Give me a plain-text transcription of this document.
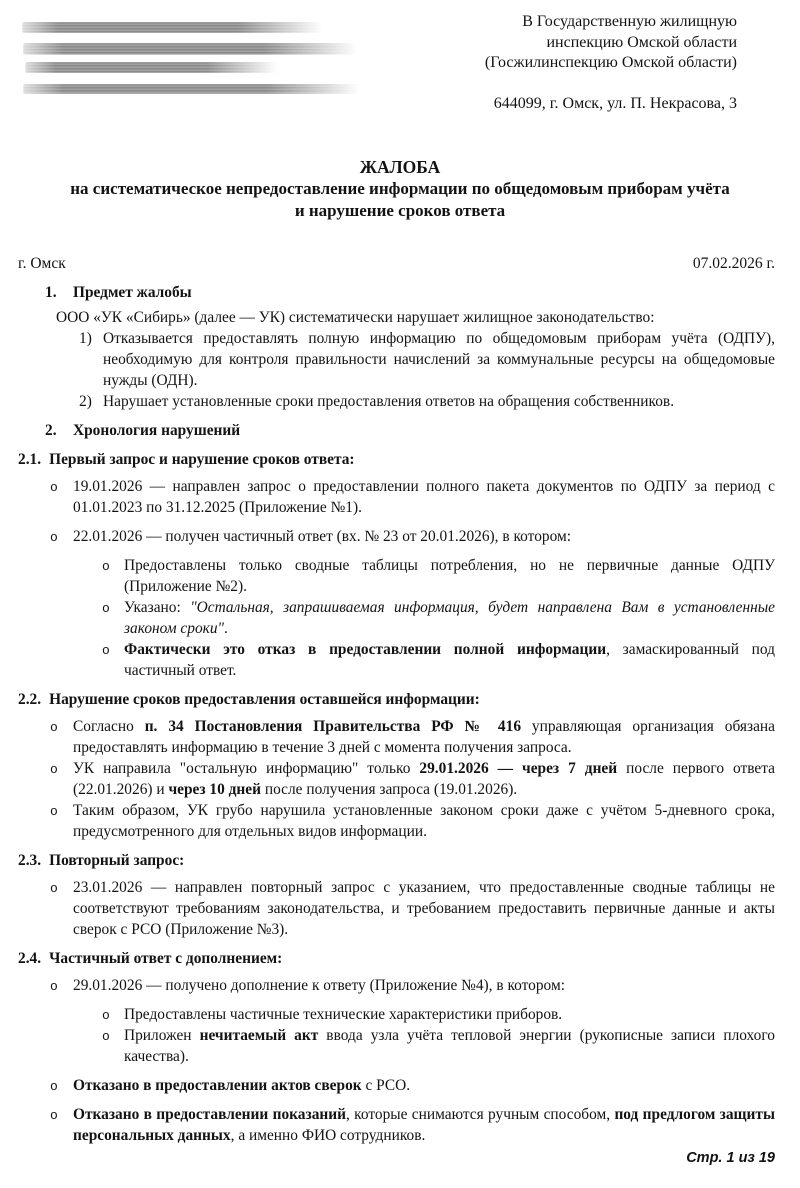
В Государственную жилищную
инспекцию Омской области
(Госжилинспекцию Омской области)
644099, г. Омск, ул. П. Некрасова, 3
ЖАЛОБА
на систематическое непредоставление информации по общедомовым приборам учёта
и нарушение сроков ответа
г. Омск	07.02.2026 г.
1. Предмет жалобы
ООО «УК «Сибирь» (далее — УК) систематически нарушает жилищное законодательство:
1) Отказывается предоставлять полную информацию по общедомовым приборам учёта (ОДПУ), необходимую для контроля правильности начислений за коммунальные ресурсы на общедомовые нужды (ОДН).
2) Нарушает установленные сроки предоставления ответов на обращения собственников.
2. Хронология нарушений
2.1. Первый запрос и нарушение сроков ответа:
o 19.01.2026 — направлен запрос о предоставлении полного пакета документов по ОДПУ за период с 01.01.2023 по 31.12.2025 (Приложение №1).
o 22.01.2026 — получен частичный ответ (вх. № 23 от 20.01.2026), в котором:
o Предоставлены только сводные таблицы потребления, но не первичные данные ОДПУ (Приложение №2).
o Указано: "Остальная, запрашиваемая информация, будет направлена Вам в установленные законом сроки".
o Фактически это отказ в предоставлении полной информации, замаскированный под частичный ответ.
2.2. Нарушение сроков предоставления оставшейся информации:
o Согласно п. 34 Постановления Правительства РФ № 416 управляющая организация обязана предоставлять информацию в течение 3 дней с момента получения запроса.
o УК направила "остальную информацию" только 29.01.2026 — через 7 дней после первого ответа (22.01.2026) и через 10 дней после получения запроса (19.01.2026).
o Таким образом, УК грубо нарушила установленные законом сроки даже с учётом 5-дневного срока, предусмотренного для отдельных видов информации.
2.3. Повторный запрос:
o 23.01.2026 — направлен повторный запрос с указанием, что предоставленные сводные таблицы не соответствуют требованиям законодательства, и требованием предоставить первичные данные и акты сверок с РСО (Приложение №3).
2.4. Частичный ответ с дополнением:
o 29.01.2026 — получено дополнение к ответу (Приложение №4), в котором:
o Предоставлены частичные технические характеристики приборов.
o Приложен нечитаемый акт ввода узла учёта тепловой энергии (рукописные записи плохого качества).
o Отказано в предоставлении актов сверок с РСО.
o Отказано в предоставлении показаний, которые снимаются ручным способом, под предлогом защиты персональных данных, а именно ФИО сотрудников.
Стр. 1 из 19
